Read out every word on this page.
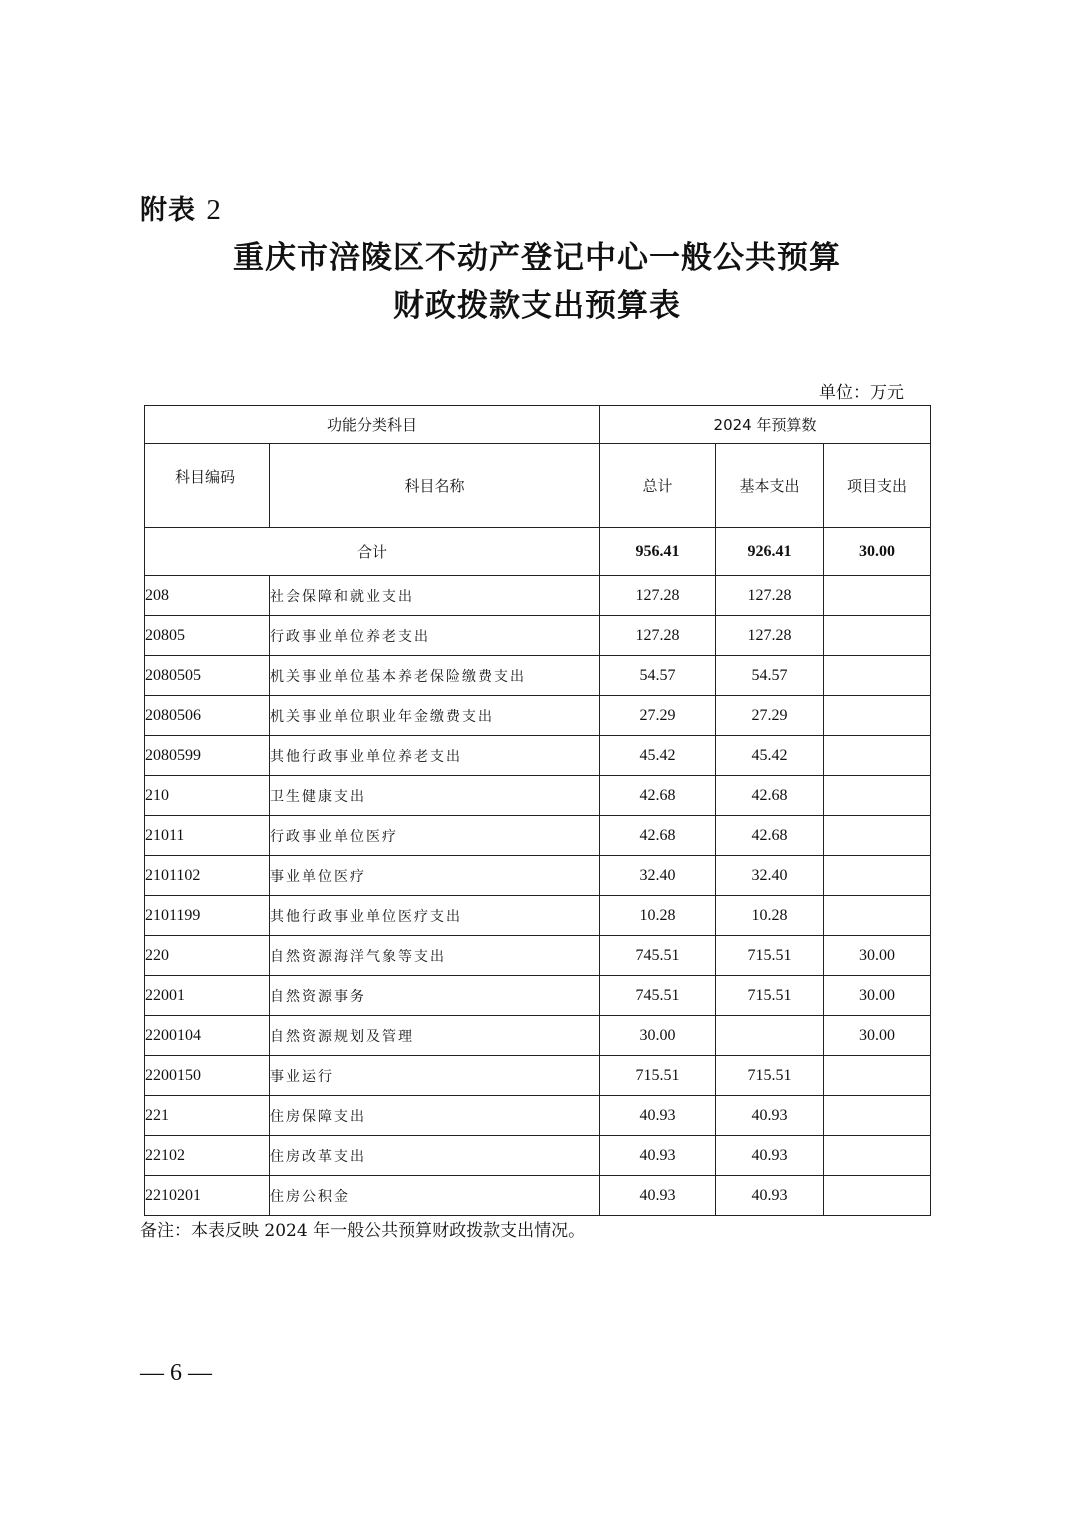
附表 2
重庆市涪陵区不动产登记中心一般公共预算
财政拨款支出预算表
单位：万元
功能分类科目		2024 年预算数		
科目编码	科目名称	总计	基本支出	项目支出
合计		956.41	926.41	30.00
208	社会保障和就业支出	127.28	127.28	
20805	行政事业单位养老支出	127.28	127.28	
2080505	机关事业单位基本养老保险缴费支出	54.57	54.57	
2080506	机关事业单位职业年金缴费支出	27.29	27.29	
2080599	其他行政事业单位养老支出	45.42	45.42	
210	卫生健康支出	42.68	42.68	
21011	行政事业单位医疗	42.68	42.68	
2101102	事业单位医疗	32.40	32.40	
2101199	其他行政事业单位医疗支出	10.28	10.28	
220	自然资源海洋气象等支出	745.51	715.51	30.00
22001	自然资源事务	745.51	715.51	30.00
2200104	自然资源规划及管理	30.00		30.00
2200150	事业运行	715.51	715.51	
221	住房保障支出	40.93	40.93	
22102	住房改革支出	40.93	40.93	
2210201	住房公积金	40.93	40.93	
备注：本表反映 2024 年一般公共预算财政拨款支出情况。
— 6 —
